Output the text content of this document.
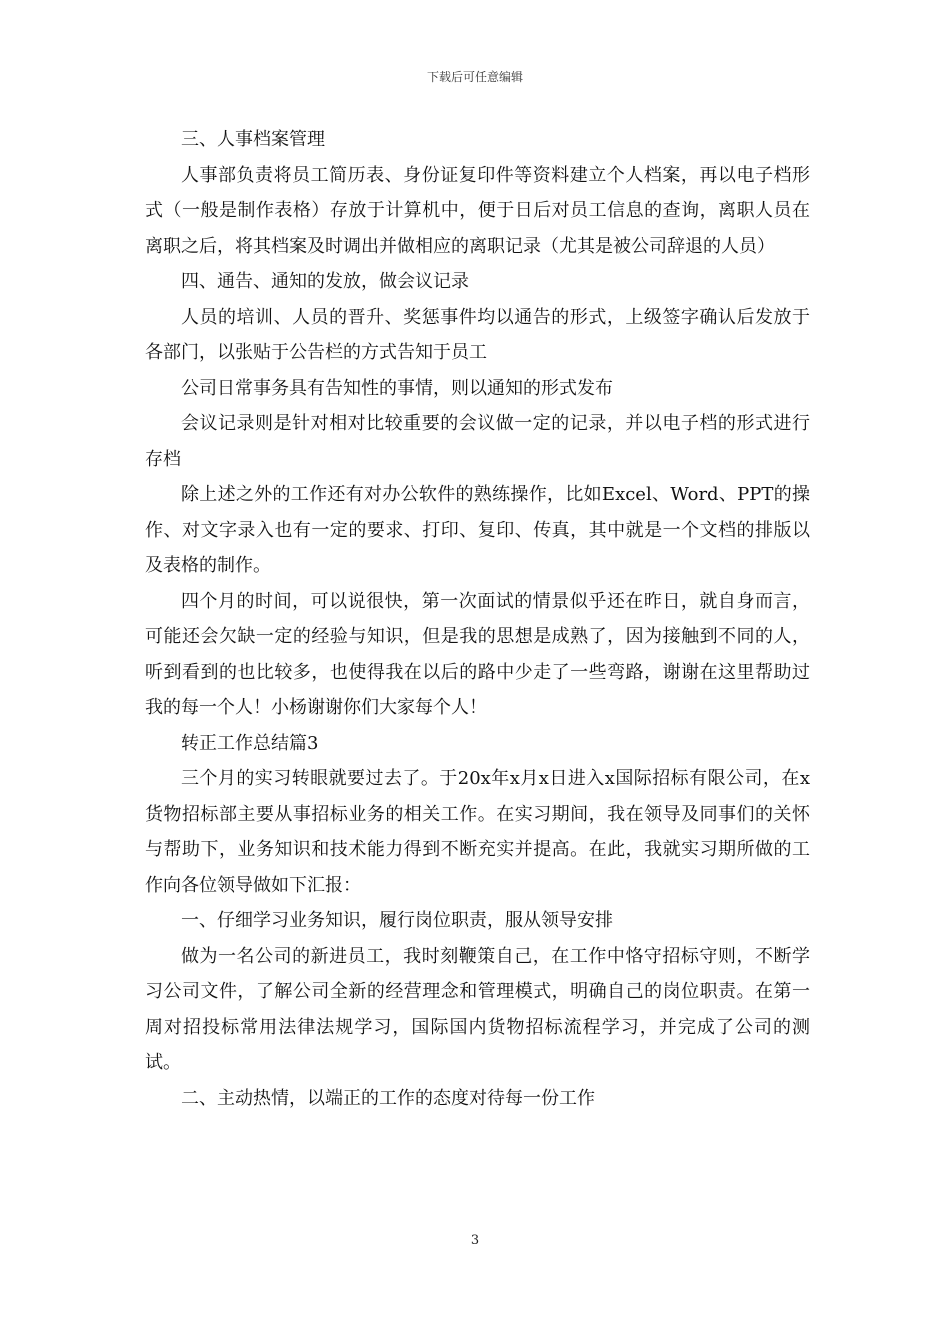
下载后可任意编辑

三、人事档案管理

人事部负责将员工简历表、身份证复印件等资料建立个人档案，再以电子档形式（一般是制作表格）存放于计算机中，便于日后对员工信息的查询，离职人员在离职之后，将其档案及时调出并做相应的离职记录（尤其是被公司辞退的人员）

四、通告、通知的发放，做会议记录

人员的培训、人员的晋升、奖惩事件均以通告的形式，上级签字确认后发放于各部门，以张贴于公告栏的方式告知于员工

公司日常事务具有告知性的事情，则以通知的形式发布

会议记录则是针对相对比较重要的会议做一定的记录，并以电子档的形式进行存档

除上述之外的工作还有对办公软件的熟练操作，比如Excel、Word、PPT的操作、对文字录入也有一定的要求、打印、复印、传真，其中就是一个文档的排版以及表格的制作。

四个月的时间，可以说很快，第一次面试的情景似乎还在昨日，就自身而言，可能还会欠缺一定的经验与知识，但是我的思想是成熟了，因为接触到不同的人，听到看到的也比较多，也使得我在以后的路中少走了一些弯路，谢谢在这里帮助过我的每一个人！小杨谢谢你们大家每个人！

转正工作总结篇3

三个月的实习转眼就要过去了。于20x年x月x日进入x国际招标有限公司，在x货物招标部主要从事招标业务的相关工作。在实习期间，我在领导及同事们的关怀与帮助下，业务知识和技术能力得到不断充实并提高。在此，我就实习期所做的工作向各位领导做如下汇报：

一、仔细学习业务知识，履行岗位职责，服从领导安排

做为一名公司的新进员工，我时刻鞭策自己，在工作中恪守招标守则，不断学习公司文件，了解公司全新的经营理念和管理模式，明确自己的岗位职责。在第一周对招投标常用法律法规学习，国际国内货物招标流程学习，并完成了公司的测试。

二、主动热情，以端正的工作的态度对待每一份工作

3
